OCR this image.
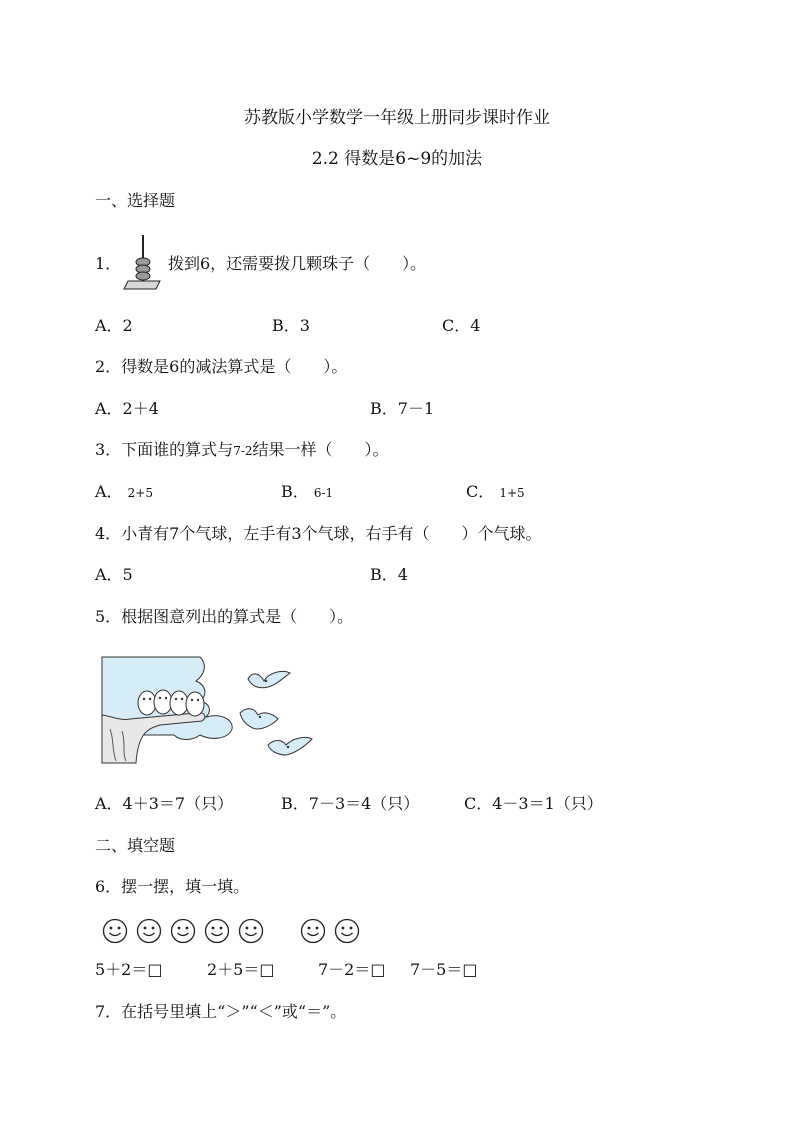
苏教版小学数学一年级上册同步课时作业
2.2 得数是6~9的加法
一、选择题
1．	拨到6，还需要拨几颗珠子（　　）。
A．2	B．3	C．4
2．得数是6的减法算式是（　　）。
A．2＋4	B．7－1
3．下面谁的算式与7-2结果一样（　　）。
A． 2+5	B． 6-1	C． 1+5
4．小青有7个气球，左手有3个气球，右手有（　　）个气球。
A．5	B．4
5．根据图意列出的算式是（　　）。
A．4＋3＝7（只）	B．7－3＝4（只）	C．4－3＝1（只）
二、填空题
6．摆一摆，填一填。
5＋2＝□	2＋5＝□	7－2＝□ 7－5＝□
7．在括号里填上“＞”“＜”或“＝”。
